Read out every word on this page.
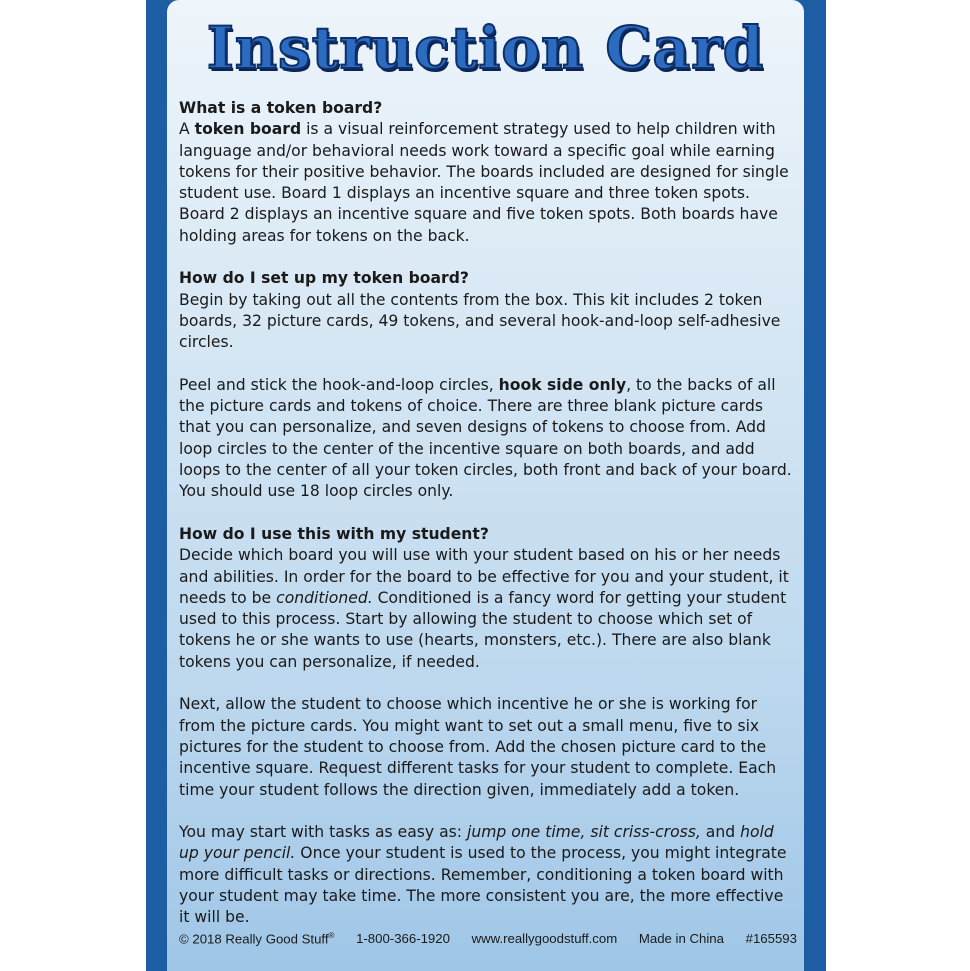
Instruction Card

What is a token board?

A token board is a visual reinforcement strategy used to help children with language and/or behavioral needs work toward a specific goal while earning tokens for their positive behavior. The boards included are designed for single student use. Board 1 displays an incentive square and three token spots. Board 2 displays an incentive square and five token spots. Both boards have holding areas for tokens on the back.

How do I set up my token board?

Begin by taking out all the contents from the box. This kit includes 2 token boards, 32 picture cards, 49 tokens, and several hook-and-loop self-adhesive circles.

Peel and stick the hook-and-loop circles, hook side only, to the backs of all the picture cards and tokens of choice. There are three blank picture cards that you can personalize, and seven designs of tokens to choose from. Add loop circles to the center of the incentive square on both boards, and add loops to the center of all your token circles, both front and back of your board. You should use 18 loop circles only.

How do I use this with my student?

Decide which board you will use with your student based on his or her needs and abilities. In order for the board to be effective for you and your student, it needs to be conditioned. Conditioned is a fancy word for getting your student used to this process. Start by allowing the student to choose which set of tokens he or she wants to use (hearts, monsters, etc.). There are also blank tokens you can personalize, if needed.

Next, allow the student to choose which incentive he or she is working for from the picture cards. You might want to set out a small menu, five to six pictures for the student to choose from. Add the chosen picture card to the incentive square. Request different tasks for your student to complete. Each time your student follows the direction given, immediately add a token.

You may start with tasks as easy as: jump one time, sit criss-cross, and hold up your pencil. Once your student is used to the process, you might integrate more difficult tasks or directions. Remember, conditioning a token board with your student may take time. The more consistent you are, the more effective it will be.

© 2018 Really Good Stuff® 1-800-366-1920 www.reallygoodstuff.com Made in China #165593
